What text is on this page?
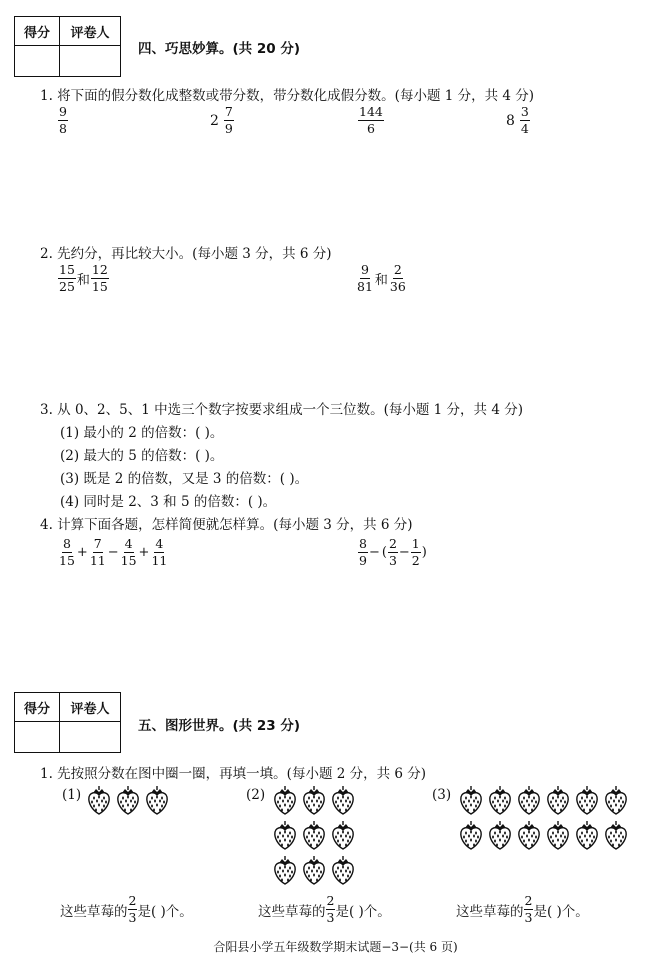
得分	评卷人

四、巧思妙算。(共 20 分)
1. 将下面的假分数化成整数或带分数，带分数化成假分数。(每小题 1 分，共 4 分)
$\frac{9}{8}$	$2 \frac{7}{9}$	$\frac{144}{6}$	$8 \frac{3}{4}$
2. 先约分，再比较大小。(每小题 3 分，共 6 分)
$\frac{15}{25}$ 和 $\frac{12}{15}$	$\frac{9}{81}$ 和 $\frac{2}{36}$
3. 从 0、2、5、1 中选三个数字按要求组成一个三位数。(每小题 1 分，共 4 分)
(1) 最小的 2 的倍数：( )。
(2) 最大的 5 的倍数：( )。
(3) 既是 2 的倍数，又是 3 的倍数：( )。
(4) 同时是 2、3 和 5 的倍数：( )。
4. 计算下面各题，怎样简便就怎样算。(每小题 3 分，共 6 分)
$\frac{8}{15} + \frac{7}{11} - \frac{4}{15} + \frac{4}{11}$	$\frac{8}{9}$ − ( $\frac{2}{3} - \frac{1}{2}$ )
得分	评卷人

五、图形世界。(共 23 分)
1. 先按照分数在图中圈一圈，再填一填。(每小题 2 分，共 6 分)
(1)	(2)	(3)
这些草莓的 $\frac{2}{3}$ 是( )个。	这些草莓的 $\frac{2}{3}$ 是( )个。	这些草莓的 $\frac{2}{3}$ 是( )个。
合阳县小学五年级数学期末试题−3−(共 6 页)
